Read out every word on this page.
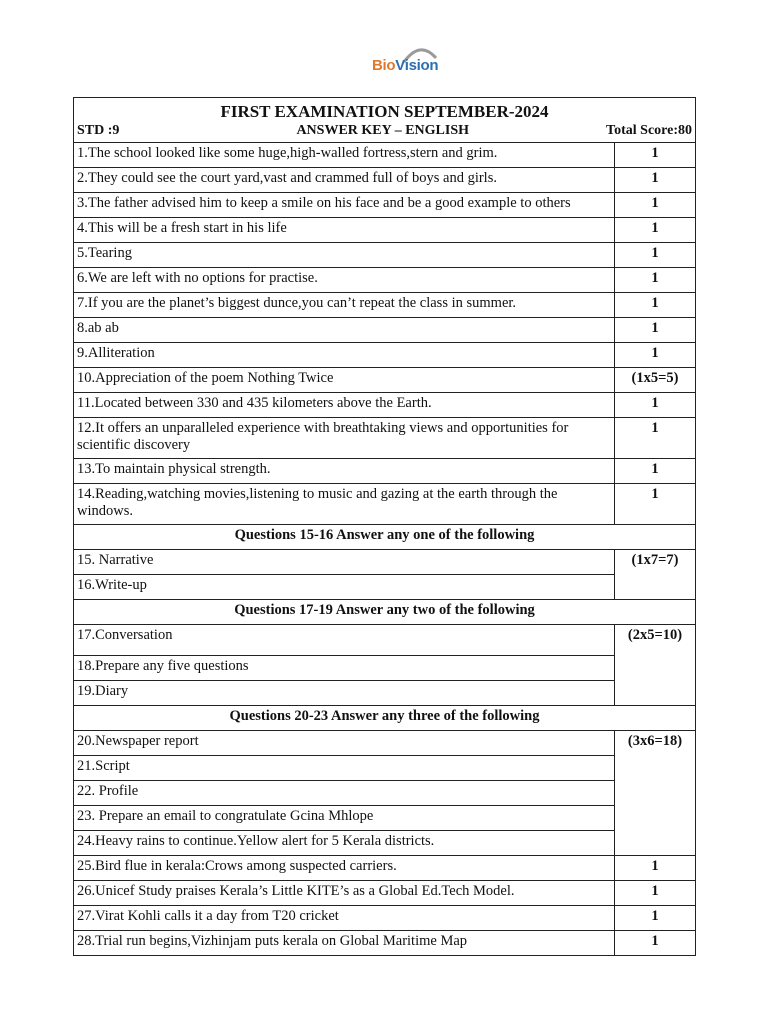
BioVision
FIRST EXAMINATION SEPTEMBER-2024
STD :9 ANSWER KEY – ENGLISH Total Score:80	

1.The school looked like some huge,high-walled fortress,stern and grim.	1
2.They could see the court yard,vast and crammed full of boys and girls.	1
3.The father advised him to keep a smile on his face and be a good example to others	1
4.This will be a fresh start in his life	1
5.Tearing	1
6.We are left with no options for practise.	1
7.If you are the planet’s biggest dunce,you can’t repeat the class in summer.	1
8.ab ab	1
9.Alliteration	1
10.Appreciation of the poem Nothing Twice	(1x5=5)
11.Located between 330 and 435 kilometers above the Earth.	1
12.It offers an unparalleled experience with breathtaking views and opportunities for scientific discovery	1
13.To maintain physical strength.	1
14.Reading,watching movies,listening to music and gazing at the earth through the windows.	1
Questions 15-16 Answer any one of the following	
15. Narrative	(1x7=7)
16.Write-up	
Questions 17-19 Answer any two of the following	
17.Conversation	(2x5=10)
18.Prepare any five questions	
19.Diary	
Questions 20-23 Answer any three of the following	
20.Newspaper report	(3x6=18)
21.Script	
22. Profile	
23. Prepare an email to congratulate Gcina Mhlope	
24.Heavy rains to continue.Yellow alert for 5 Kerala districts.	
25.Bird flue in kerala:Crows among suspected carriers.	1
26.Unicef Study praises Kerala’s Little KITE’s as a Global Ed.Tech Model.	1
27.Virat Kohli calls it a day from T20 cricket	1
28.Trial run begins,Vizhinjam puts kerala on Global Maritime Map	1
